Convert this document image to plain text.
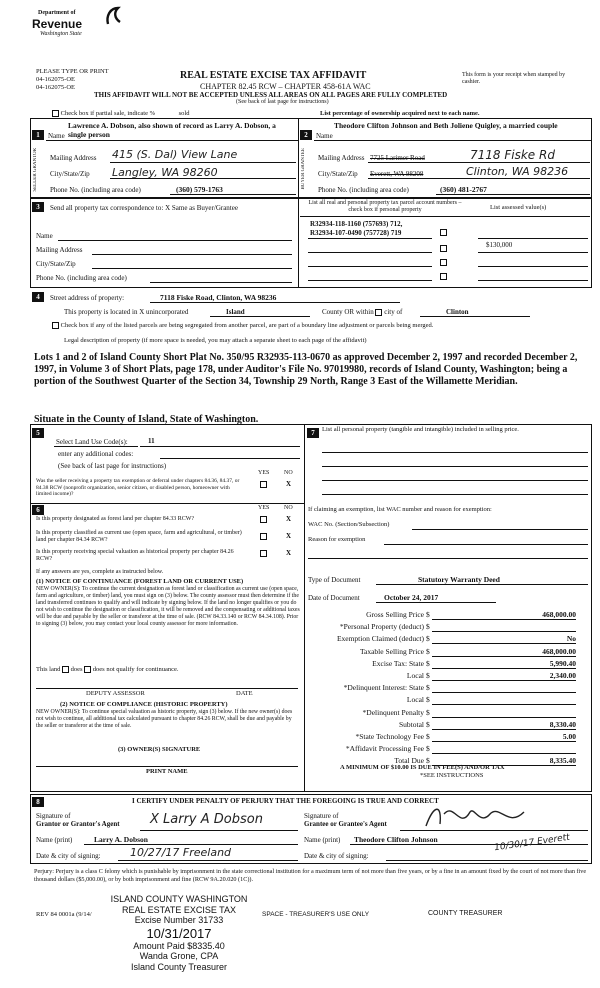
Department of
Revenue
Washington State
PLEASE TYPE OR PRINT
04-162075-OE
04-162075-OE
REAL ESTATE EXCISE TAX AFFIDAVIT
CHAPTER 82.45 RCW – CHAPTER 458-61A WAC
This form is your receipt when stamped by cashier.
THIS AFFIDAVIT WILL NOT BE ACCEPTED UNLESS ALL AREAS ON ALL PAGES ARE FULLY COMPLETED
(See back of last page for instructions)
Check box if partial sale, indicate %	sold	List percentage of ownership acquired next to each name.
1
SELLER GRANTOR
Name
Lawrence A. Dobson, also shown of record as Larry A. Dobson, a single person
Mailing Address 415 (S. Dal) View Lane
City/State/Zip Langley, WA 98260
Phone No. (including area code)	(360) 579-1763
2
BUYER GRANTEE
Name
Theodore Clifton Johnson and Beth Joliene Quigley, a married couple
Mailing Address 7725 Larimer Road	7118 Fiske Rd
City/State/Zip Everett, WA 98208	Clinton, WA 98236
Phone No. (including area code)	(360) 481-2767
3	Send all property tax correspondence to: X Same as Buyer/Grantee
Name
Mailing Address
City/State/Zip
Phone No. (including area code)
List all real and personal property tax parcel account numbers – check box if personal property	List assessed value(s)
R32934-118-1160 (757693) 712,
R32934-107-0490 (757728) 719
$130,000
4	Street address of property:	7118 Fiske Road, Clinton, WA 98236
This property is located in X unincorporated	Island	County OR within city of	Clinton
Check box if any of the listed parcels are being segregated from another parcel, are part of a boundary line adjustment or parcels being merged.
Legal description of property (if more space is needed, you may attach a separate sheet to each page of the affidavit)
Lots 1 and 2 of Island County Short Plat No. 350/95 R32935-113-0670 as approved December 2, 1997 and recorded December 2, 1997, in Volume 3 of Short Plats, page 178, under Auditor's File No. 97019980, records of Island County, Washington; being a portion of the Southwest Quarter of the Section 34, Township 29 North, Range 3 East of the Willamette Meridian.
Situate in the County of Island, State of Washington.
5
Select Land Use Code(s):	11
enter any additional codes:
(See back of last page for instructions)
YES NO
Was the seller receiving a property tax exemption or deferral under chapters 84.36, 84.37, or 84.38 RCW (nonprofit organization, senior citizen, or disabled person, homeowner with limited income)?
X
6	YES NO
Is this property designated as forest land per chapter 84.33 RCW?	X
Is this property classified as current use (open space, farm and agricultural, or timber) land per chapter 84.34 RCW?	X
Is this property receiving special valuation as historical property per chapter 84.26 RCW?
X
If any answers are yes, complete as instructed below.
(1) NOTICE OF CONTINUANCE (FOREST LAND OR CURRENT USE)
NEW OWNER(S): To continue the current designation as forest land or classification as current use (open space, farm and agriculture, or timber) land, you must sign on (3) below. The county assessor must then determine if the land transferred continues to qualify and will indicate by signing below. If the land no longer qualifies or you do not wish to continue the designation or classification, it will be removed and the compensating or additional taxes will be due and payable by the seller or transferor at the time of sale. (RCW 84.33.140 or RCW 84.34.108). Prior to signing (3) below, you may contact your local county assessor for more information.
This land does does not qualify for continuance.
DEPUTY ASSESSOR	DATE
(2) NOTICE OF COMPLIANCE (HISTORIC PROPERTY)
NEW OWNER(S): To continue special valuation as historic property, sign (3) below. If the new owner(s) does not wish to continue, all additional tax calculated pursuant to chapter 84.26 RCW, shall be due and payable by the seller or transferor at the time of sale.
(3) OWNER(S) SIGNATURE
PRINT NAME
7	List all personal property (tangible and intangible) included in selling price.
If claiming an exemption, list WAC number and reason for exemption:
WAC No. (Section/Subsection)
Reason for exemption
Type of Document	Statutory Warranty Deed
Date of Document	October 24, 2017
Gross Selling Price $	468,000.00
*Personal Property (deduct) $
Exemption Claimed (deduct) $	No
Taxable Selling Price $	468,000.00
Excise Tax: State $	5,990.40
Local $	2,340.00
*Delinquent Interest: State $
Local $
*Delinquent Penalty $
Subtotal $	8,330.40
*State Technology Fee $	5.00
*Affidavit Processing Fee $
Total Due $	8,335.40
A MINIMUM OF $10.00 IS DUE IN FEE(S) AND/OR TAX
*SEE INSTRUCTIONS
8	I CERTIFY UNDER PENALTY OF PERJURY THAT THE FOREGOING IS TRUE AND CORRECT
Signature of
Grantor or Grantor's Agent X Larry A Dobson	Signature of
Grantee or Grantee's Agent
Name (print)	Larry A. Dobson	Name (print) Theodore Clifton Johnson
Date & city of signing:	10/27/17 Freeland	Date & city of signing:
10/30/17 Everett
Perjury: Perjury is a class C felony which is punishable by imprisonment in the state correctional institution for a maximum term of not more than five years, or by a fine in an amount fixed by the court of not more than five thousand dollars ($5,000.00), or by both imprisonment and fine (RCW 9A.20.020 (1C)).
REV 84 0001a (9/14/
ISLAND COUNTY WASHINGTON
REAL ESTATE EXCISE TAX
Excise Number 31733
10/31/2017
Amount Paid $8335.40
Wanda Grone, CPA
Island County Treasurer
SPACE - TREASURER'S USE ONLY	COUNTY TREASURER
